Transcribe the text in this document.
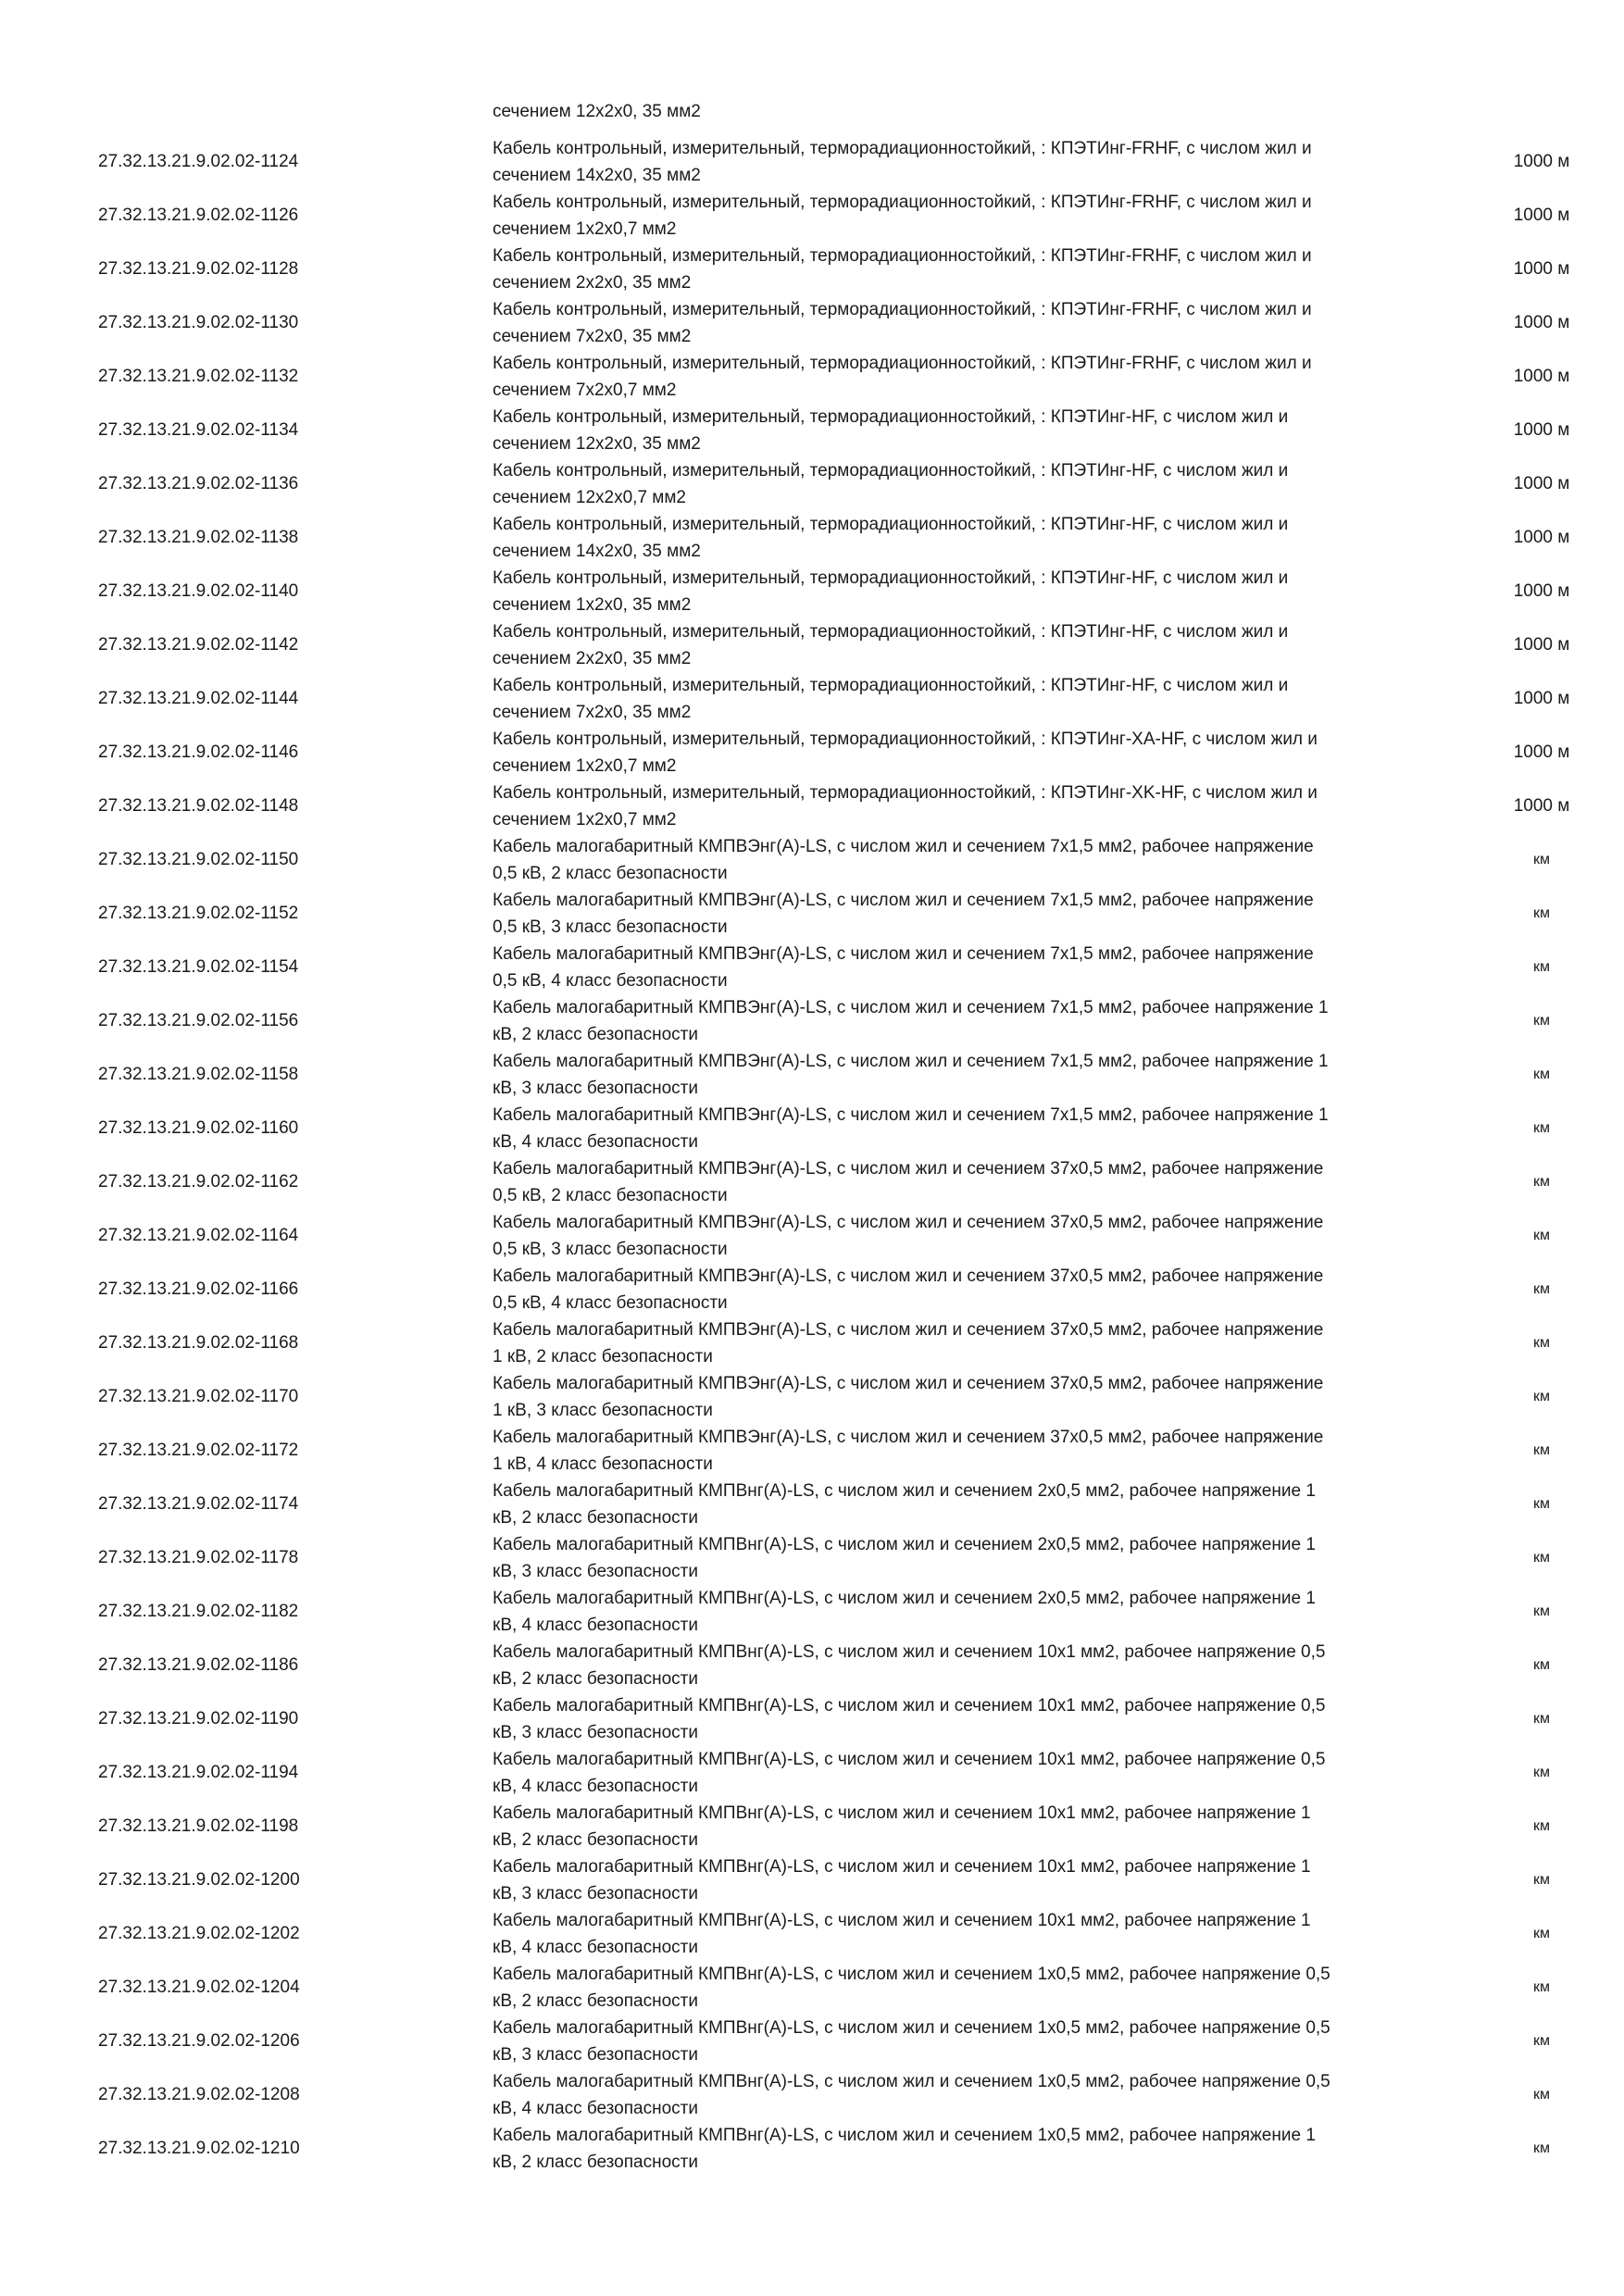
сечением 12x2x0, 35 мм2
27.32.13.21.9.02.02-1124
Кабель контрольный, измерительный, терморадиационностойкий, : КПЭТИнг-FRHF, с числом жил и
сечением 14x2x0, 35 мм2
1000 м
27.32.13.21.9.02.02-1126
Кабель контрольный, измерительный, терморадиационностойкий, : КПЭТИнг-FRHF, с числом жил и
сечением 1x2x0,7 мм2
1000 м
27.32.13.21.9.02.02-1128
Кабель контрольный, измерительный, терморадиационностойкий, : КПЭТИнг-FRHF, с числом жил и
сечением 2x2x0, 35 мм2
1000 м
27.32.13.21.9.02.02-1130
Кабель контрольный, измерительный, терморадиационностойкий, : КПЭТИнг-FRHF, с числом жил и
сечением 7x2x0, 35 мм2
1000 м
27.32.13.21.9.02.02-1132
Кабель контрольный, измерительный, терморадиационностойкий, : КПЭТИнг-FRHF, с числом жил и
сечением 7x2x0,7 мм2
1000 м
27.32.13.21.9.02.02-1134
Кабель контрольный, измерительный, терморадиационностойкий, : КПЭТИнг-HF, с числом жил и
сечением 12x2x0, 35 мм2
1000 м
27.32.13.21.9.02.02-1136
Кабель контрольный, измерительный, терморадиационностойкий, : КПЭТИнг-HF, с числом жил и
сечением 12x2x0,7 мм2
1000 м
27.32.13.21.9.02.02-1138
Кабель контрольный, измерительный, терморадиационностойкий, : КПЭТИнг-HF, с числом жил и
сечением 14x2x0, 35 мм2
1000 м
27.32.13.21.9.02.02-1140
Кабель контрольный, измерительный, терморадиационностойкий, : КПЭТИнг-HF, с числом жил и
сечением 1x2x0, 35 мм2
1000 м
27.32.13.21.9.02.02-1142
Кабель контрольный, измерительный, терморадиационностойкий, : КПЭТИнг-HF, с числом жил и
сечением 2x2x0, 35 мм2
1000 м
27.32.13.21.9.02.02-1144
Кабель контрольный, измерительный, терморадиационностойкий, : КПЭТИнг-HF, с числом жил и
сечением 7x2x0, 35 мм2
1000 м
27.32.13.21.9.02.02-1146
Кабель контрольный, измерительный, терморадиационностойкий, : КПЭТИнг-XA-HF, с числом жил и
сечением 1x2x0,7 мм2
1000 м
27.32.13.21.9.02.02-1148
Кабель контрольный, измерительный, терморадиационностойкий, : КПЭТИнг-XK-HF, с числом жил и
сечением 1x2x0,7 мм2
1000 м
27.32.13.21.9.02.02-1150
Кабель малогабаритный КМПВЭнг(A)-LS, с числом жил и сечением 7x1,5 мм2, рабочее напряжение
0,5 кВ, 2 класс безопасности
км
27.32.13.21.9.02.02-1152
Кабель малогабаритный КМПВЭнг(A)-LS, с числом жил и сечением 7x1,5 мм2, рабочее напряжение
0,5 кВ, 3 класс безопасности
км
27.32.13.21.9.02.02-1154
Кабель малогабаритный КМПВЭнг(A)-LS, с числом жил и сечением 7x1,5 мм2, рабочее напряжение
0,5 кВ, 4 класс безопасности
км
27.32.13.21.9.02.02-1156
Кабель малогабаритный КМПВЭнг(A)-LS, с числом жил и сечением 7x1,5 мм2, рабочее напряжение 1
кВ, 2 класс безопасности
км
27.32.13.21.9.02.02-1158
Кабель малогабаритный КМПВЭнг(A)-LS, с числом жил и сечением 7x1,5 мм2, рабочее напряжение 1
кВ, 3 класс безопасности
км
27.32.13.21.9.02.02-1160
Кабель малогабаритный КМПВЭнг(A)-LS, с числом жил и сечением 7x1,5 мм2, рабочее напряжение 1
кВ, 4 класс безопасности
км
27.32.13.21.9.02.02-1162
Кабель малогабаритный КМПВЭнг(A)-LS, с числом жил и сечением 37x0,5 мм2, рабочее напряжение
0,5 кВ, 2 класс безопасности
км
27.32.13.21.9.02.02-1164
Кабель малогабаритный КМПВЭнг(A)-LS, с числом жил и сечением 37x0,5 мм2, рабочее напряжение
0,5 кВ, 3 класс безопасности
км
27.32.13.21.9.02.02-1166
Кабель малогабаритный КМПВЭнг(A)-LS, с числом жил и сечением 37x0,5 мм2, рабочее напряжение
0,5 кВ, 4 класс безопасности
км
27.32.13.21.9.02.02-1168
Кабель малогабаритный КМПВЭнг(A)-LS, с числом жил и сечением 37x0,5 мм2, рабочее напряжение
1 кВ, 2 класс безопасности
км
27.32.13.21.9.02.02-1170
Кабель малогабаритный КМПВЭнг(A)-LS, с числом жил и сечением 37x0,5 мм2, рабочее напряжение
1 кВ, 3 класс безопасности
км
27.32.13.21.9.02.02-1172
Кабель малогабаритный КМПВЭнг(A)-LS, с числом жил и сечением 37x0,5 мм2, рабочее напряжение
1 кВ, 4 класс безопасности
км
27.32.13.21.9.02.02-1174
Кабель малогабаритный КМПВнг(A)-LS, с числом жил и сечением 2x0,5 мм2, рабочее напряжение 1
кВ, 2 класс безопасности
км
27.32.13.21.9.02.02-1178
Кабель малогабаритный КМПВнг(A)-LS, с числом жил и сечением 2x0,5 мм2, рабочее напряжение 1
кВ, 3 класс безопасности
км
27.32.13.21.9.02.02-1182
Кабель малогабаритный КМПВнг(A)-LS, с числом жил и сечением 2x0,5 мм2, рабочее напряжение 1
кВ, 4 класс безопасности
км
27.32.13.21.9.02.02-1186
Кабель малогабаритный КМПВнг(A)-LS, с числом жил и сечением 10x1 мм2, рабочее напряжение 0,5
кВ, 2 класс безопасности
км
27.32.13.21.9.02.02-1190
Кабель малогабаритный КМПВнг(A)-LS, с числом жил и сечением 10x1 мм2, рабочее напряжение 0,5
кВ, 3 класс безопасности
км
27.32.13.21.9.02.02-1194
Кабель малогабаритный КМПВнг(A)-LS, с числом жил и сечением 10x1 мм2, рабочее напряжение 0,5
кВ, 4 класс безопасности
км
27.32.13.21.9.02.02-1198
Кабель малогабаритный КМПВнг(A)-LS, с числом жил и сечением 10x1 мм2, рабочее напряжение 1
кВ, 2 класс безопасности
км
27.32.13.21.9.02.02-1200
Кабель малогабаритный КМПВнг(A)-LS, с числом жил и сечением 10x1 мм2, рабочее напряжение 1
кВ, 3 класс безопасности
км
27.32.13.21.9.02.02-1202
Кабель малогабаритный КМПВнг(A)-LS, с числом жил и сечением 10x1 мм2, рабочее напряжение 1
кВ, 4 класс безопасности
км
27.32.13.21.9.02.02-1204
Кабель малогабаритный КМПВнг(A)-LS, с числом жил и сечением 1x0,5 мм2, рабочее напряжение 0,5
кВ, 2 класс безопасности
км
27.32.13.21.9.02.02-1206
Кабель малогабаритный КМПВнг(A)-LS, с числом жил и сечением 1x0,5 мм2, рабочее напряжение 0,5
кВ, 3 класс безопасности
км
27.32.13.21.9.02.02-1208
Кабель малогабаритный КМПВнг(A)-LS, с числом жил и сечением 1x0,5 мм2, рабочее напряжение 0,5
кВ, 4 класс безопасности
км
27.32.13.21.9.02.02-1210
Кабель малогабаритный КМПВнг(A)-LS, с числом жил и сечением 1x0,5 мм2, рабочее напряжение 1
кВ, 2 класс безопасности
км
